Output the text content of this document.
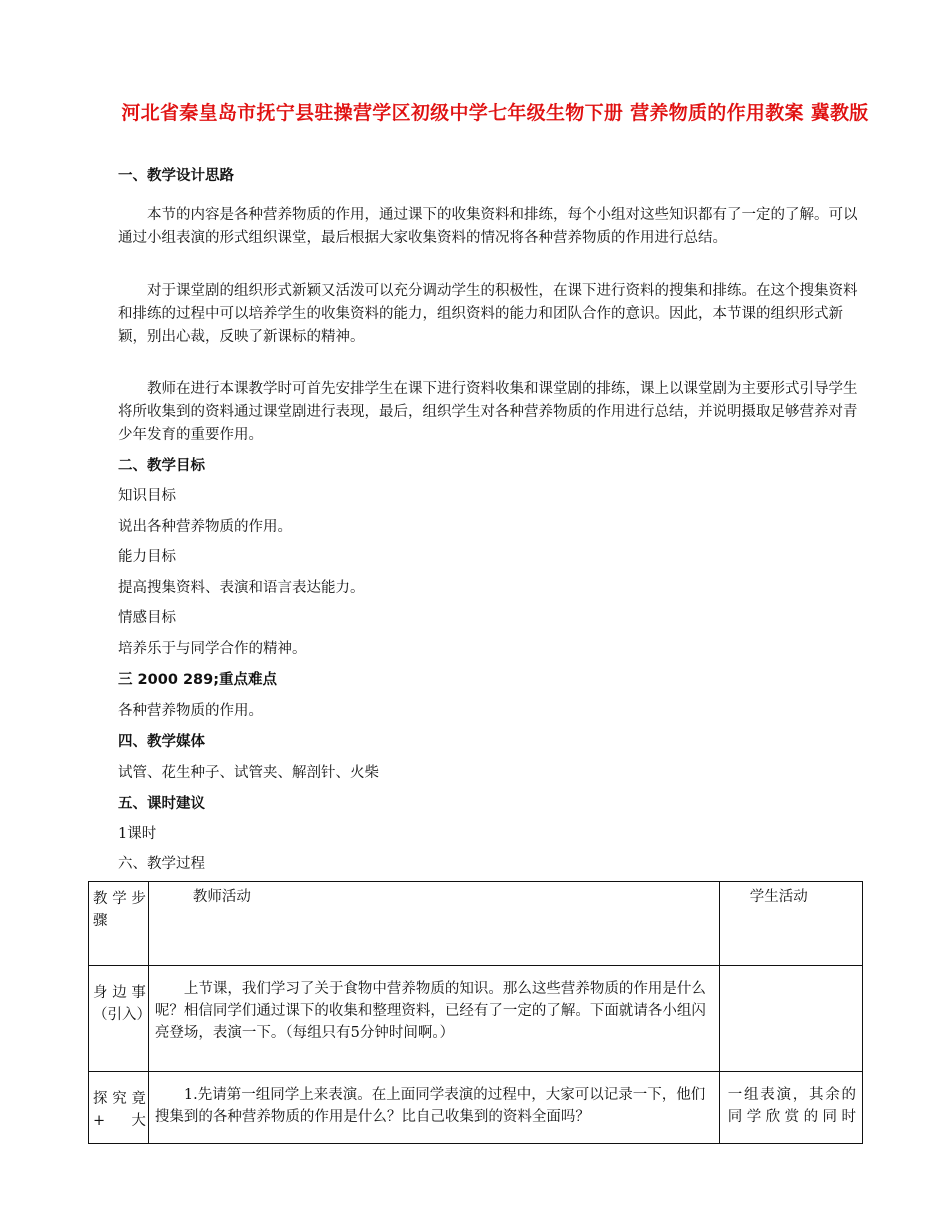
河北省秦皇岛市抚宁县驻操营学区初级中学七年级生物下册 营养物质的作用教案 冀教版
一、教学设计思路
本节的内容是各种营养物质的作用，通过课下的收集资料和排练，每个小组对这些知识都有了一定的了解。可以通过小组表演的形式组织课堂，最后根据大家收集资料的情况将各种营养物质的作用进行总结。
对于课堂剧的组织形式新颖又活泼可以充分调动学生的积极性，在课下进行资料的搜集和排练。在这个搜集资料和排练的过程中可以培养学生的收集资料的能力，组织资料的能力和团队合作的意识。因此，本节课的组织形式新颖，别出心裁，反映了新课标的精神。
教师在进行本课教学时可首先安排学生在课下进行资料收集和课堂剧的排练，课上以课堂剧为主要形式引导学生将所收集到的资料通过课堂剧进行表现，最后，组织学生对各种营养物质的作用进行总结，并说明摄取足够营养对青少年发育的重要作用。
二、教学目标
知识目标
说出各种营养物质的作用。
能力目标
提高搜集资料、表演和语言表达能力。
情感目标
培养乐于与同学合作的精神。
三 2000 289;重点难点
各种营养物质的作用。
四、教学媒体
试管、花生种子、试管夹、解剖针、火柴
五、课时建议
1课时
六、教学过程
教学步骤	教师活动	学生活动

身边事（引入）	上节课，我们学习了关于食物中营养物质的知识。那么这些营养物质的作用是什么呢？相信同学们通过课下的收集和整理资料，已经有了一定的了解。下面就请各小组闪亮登场，表演一下。（每组只有5分钟时间啊。）	

探究竟+大	1.先请第一组同学上来表演。在上面同学表演的过程中，大家可以记录一下，他们搜集到的各种营养物质的作用是什么？比自己收集到的资料全面吗？	一组表演，其余的同学欣赏的同时
